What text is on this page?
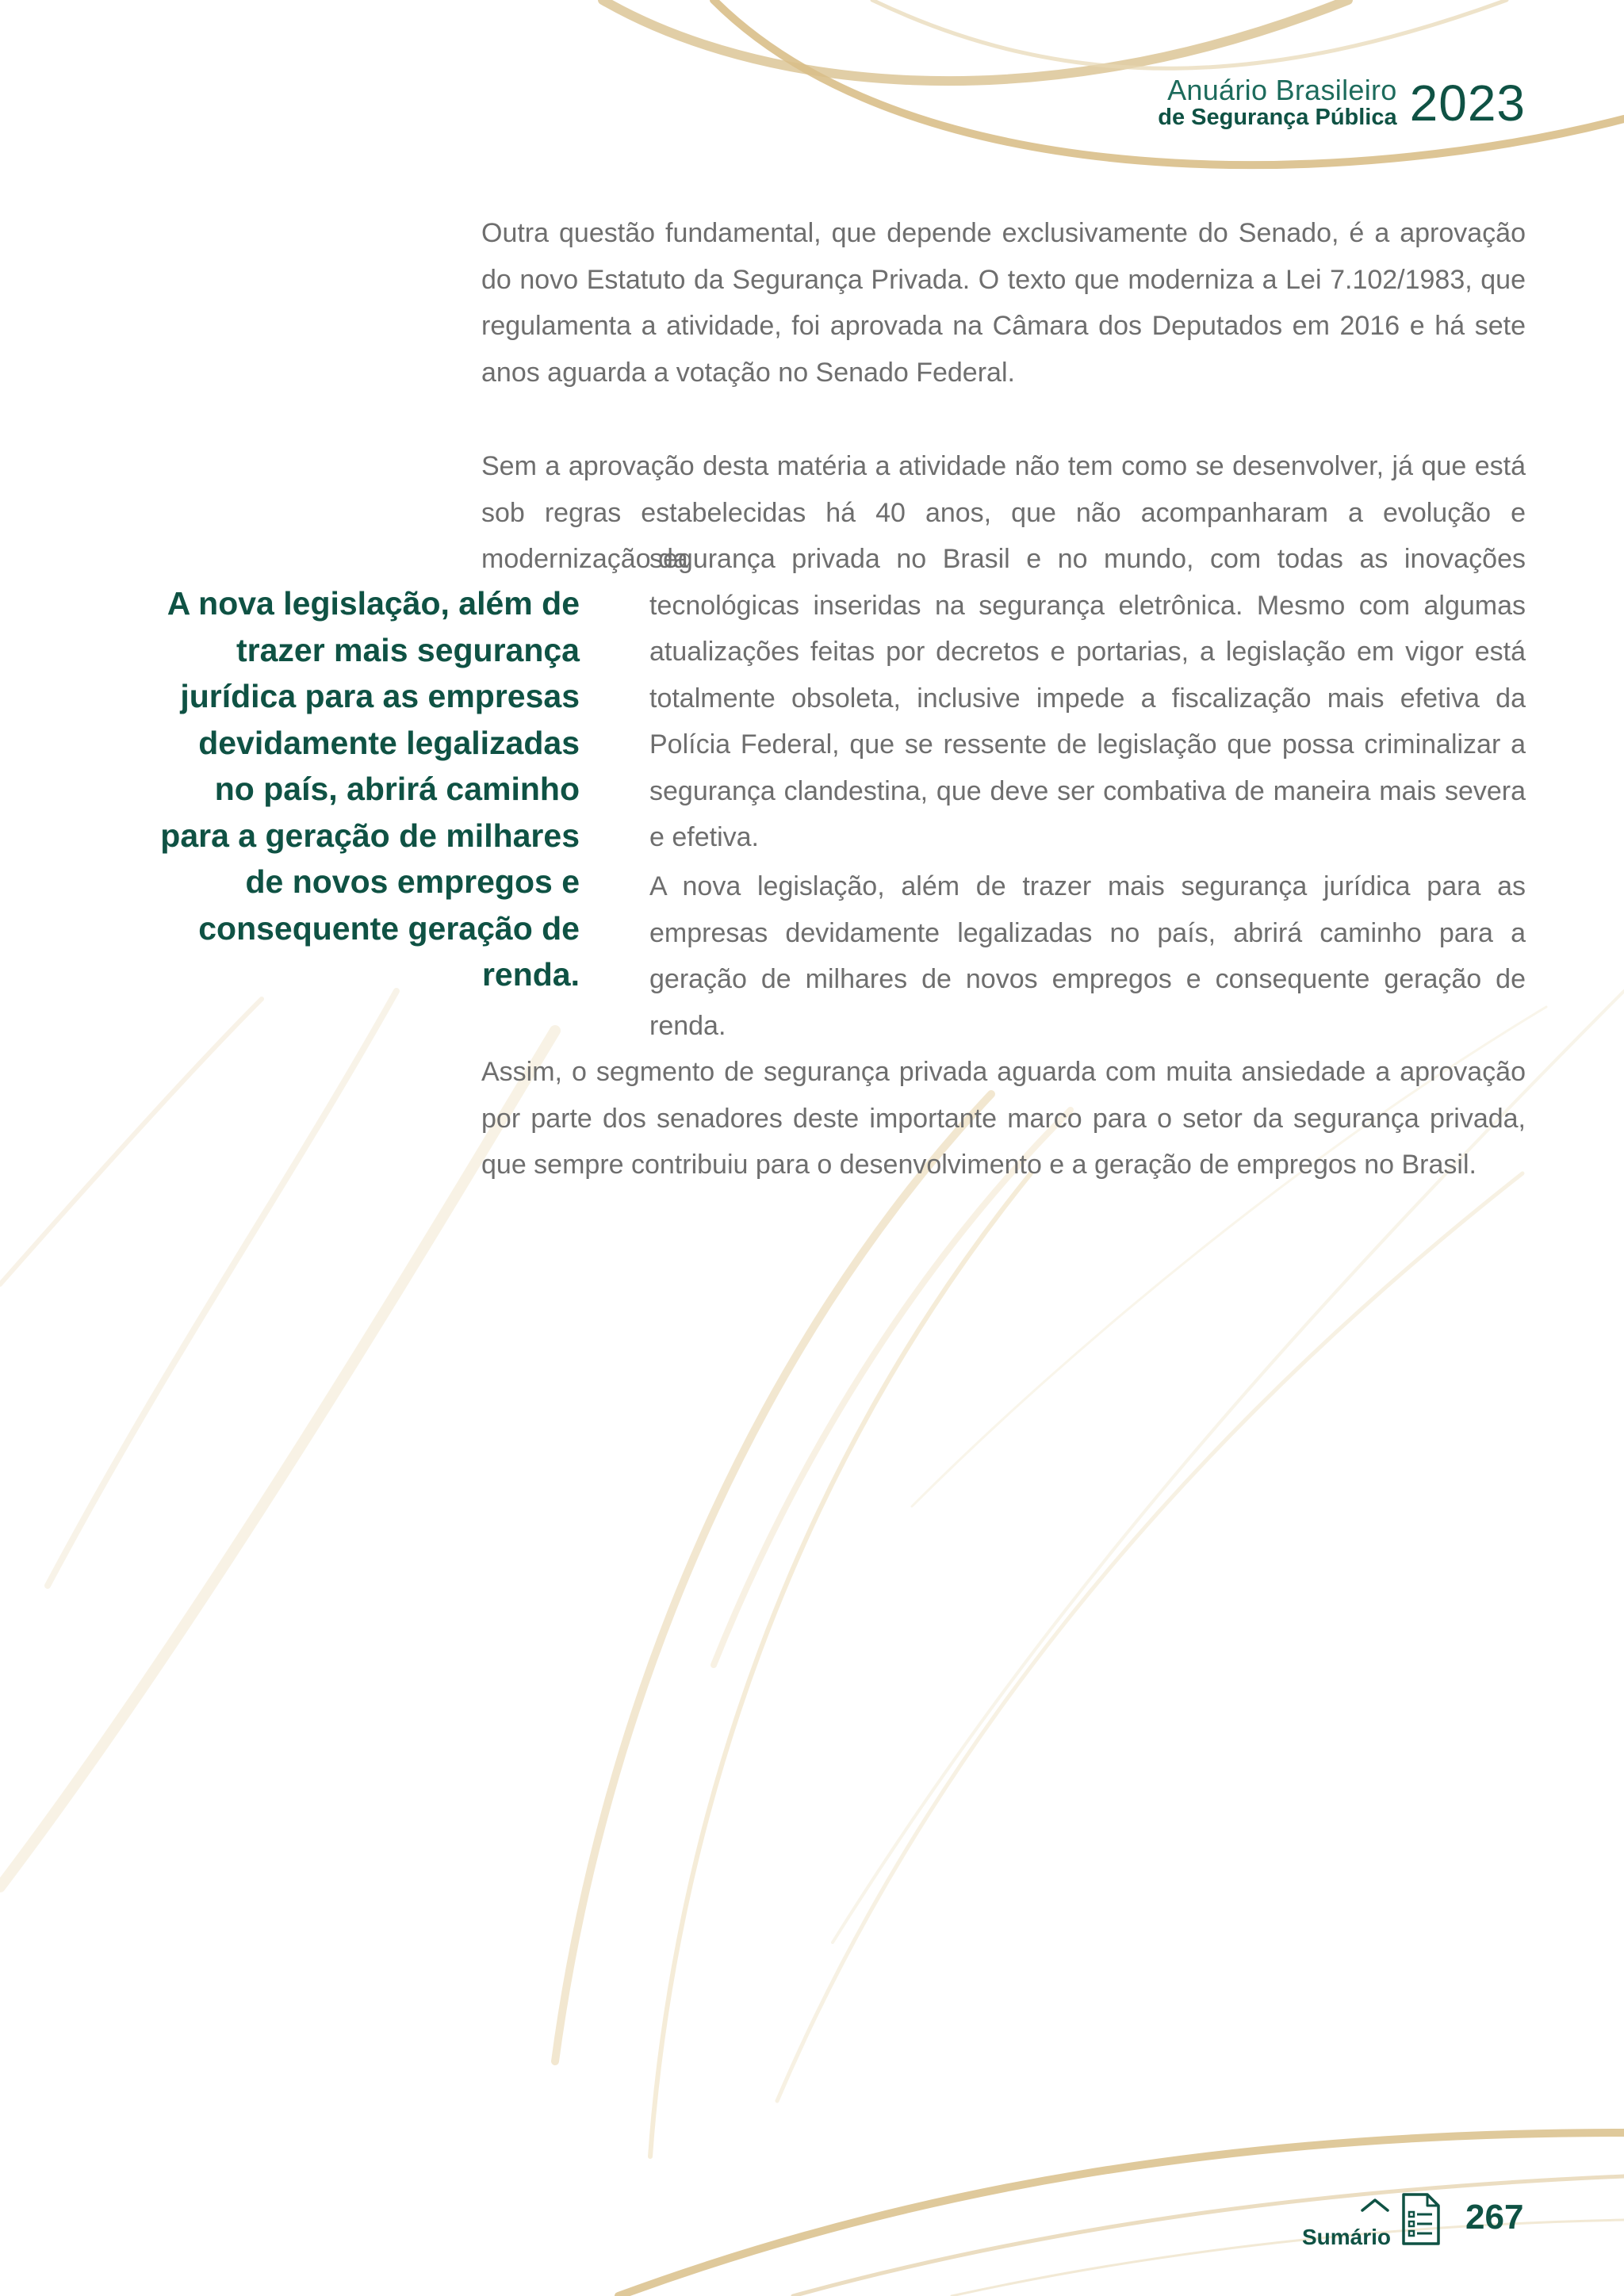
Anuário Brasileiro
de Segurança Pública 2023

Outra questão fundamental, que depende exclusivamente do Senado, é a aprovação do novo Estatuto da Segurança Privada. O texto que moderniza a Lei 7.102/1983, que regulamenta a atividade, foi aprovada na Câmara dos Deputados em 2016 e há sete anos aguarda a votação no Senado Federal.

Sem a aprovação desta matéria a atividade não tem como se desenvolver, já que está sob regras estabelecidas há 40 anos, que não acompanharam a evolução e modernização da

segurança privada no Brasil e no mundo, com todas as inovações tecnológicas inseridas na segurança eletrônica. Mesmo com algumas atualizações feitas por decretos e portarias, a legislação em vigor está totalmente obsoleta, inclusive impede a fiscalização mais efetiva da Polícia Federal, que se ressente de legislação que possa criminalizar a segurança clandestina, que deve ser combativa de maneira mais severa e efetiva.

A nova legislação, além de trazer mais segurança jurídica para as empresas devidamente legalizadas no país, abrirá caminho para a geração de milhares de novos empregos e consequente geração de renda.

Assim, o segmento de segurança privada aguarda com muita ansiedade a aprovação por parte dos senadores deste importante marco para o setor da segurança privada, que sempre contribuiu para o desenvolvimento e a geração de empregos no Brasil.

A nova legislação, além de trazer mais segurança jurídica para as empresas devidamente legalizadas no país, abrirá caminho para a geração de milhares de novos empregos e consequente geração de renda.

Sumário
267
